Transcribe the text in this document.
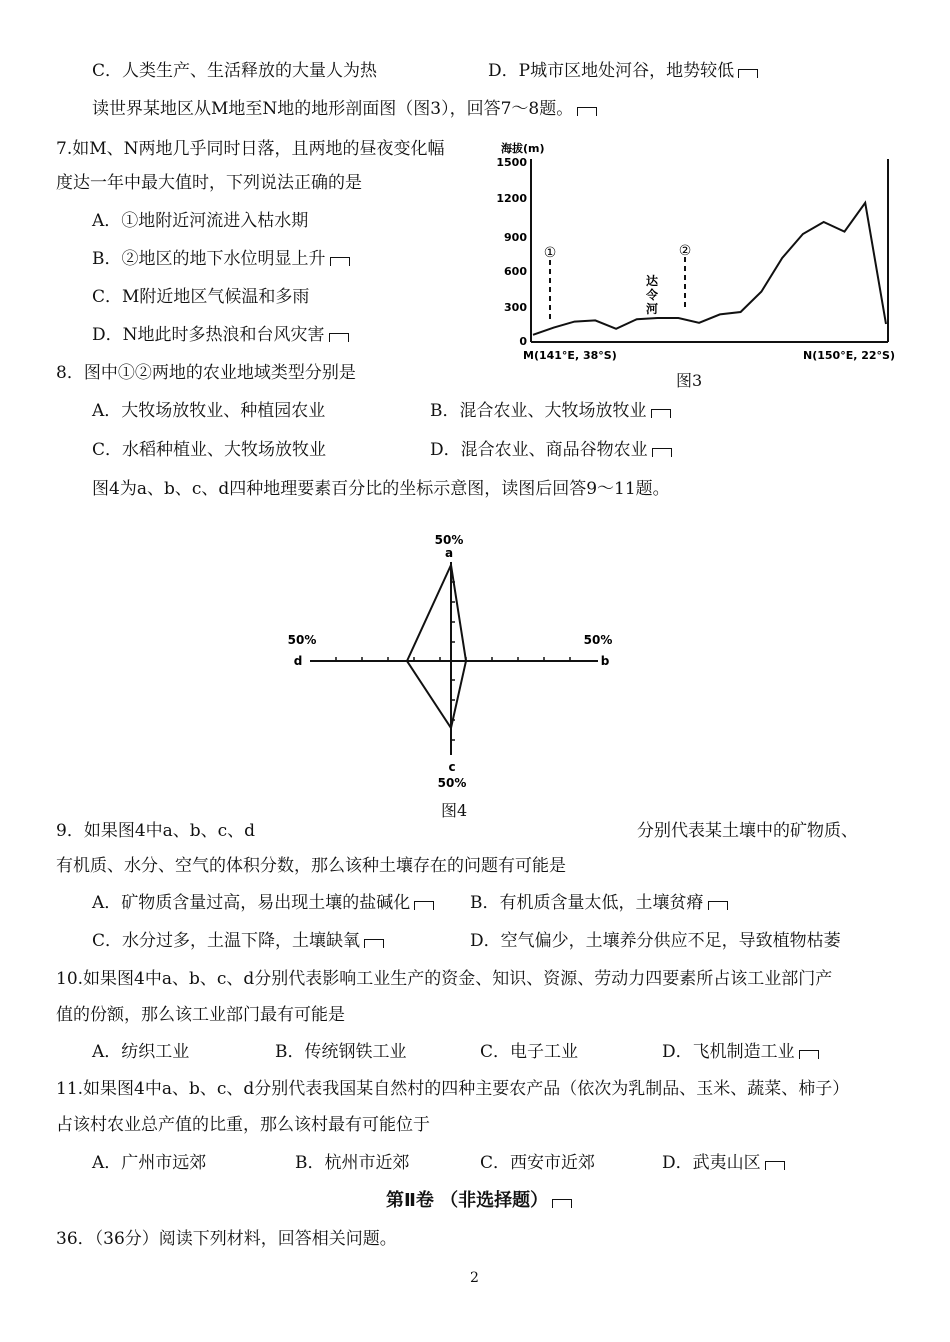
C．人类生产、生活释放的大量人为热	D．P城市区地处河谷，地势较低
读世界某地区从M地至N地的地形剖面图（图3），回答7～8题。
7.如M、N两地几乎同时日落，且两地的昼夜变化幅
度达一年中最大值时，下列说法正确的是
A．①地附近河流进入枯水期
B．②地区的地下水位明显上升
C．M附近地区气候温和多雨
D．N地此时多热浪和台风灾害
8．图中①②两地的农业地域类型分别是
A．大牧场放牧业、种植园农业	B．混合农业、大牧场放牧业
C．水稻种植业、大牧场放牧业	D．混合农业、商品谷物农业
图4为a、b、c、d四种地理要素百分比的坐标示意图，读图后回答9～11题。
海拔(m)
1500
1200
900
600
300
0
①	②
达
令
河
M(141°E, 38°S)	N(150°E, 22°S)
图3
50%
a
50%
d
50%
b
c
50%
图4
9．如果图4中a、b、c、d	分别代表某土壤中的矿物质、
有机质、水分、空气的体积分数，那么该种土壤存在的问题有可能是
A．矿物质含量过高，易出现土壤的盐碱化	B．有机质含量太低，土壤贫瘠
C．水分过多，土温下降，土壤缺氧	D．空气偏少，土壤养分供应不足，导致植物枯萎
10.如果图4中a、b、c、d分别代表影响工业生产的资金、知识、资源、劳动力四要素所占该工业部门产
值的份额，那么该工业部门最有可能是
A．纺织工业	B．传统钢铁工业	C．电子工业	D．飞机制造工业
11.如果图4中a、b、c、d分别代表我国某自然村的四种主要农产品（依次为乳制品、玉米、蔬菜、柿子）
占该村农业总产值的比重，那么该村最有可能位于
A．广州市远郊	B．杭州市近郊	C．西安市近郊	D．武夷山区
第Ⅱ卷 （非选择题）
36．（36分）阅读下列材料，回答相关问题。
2
